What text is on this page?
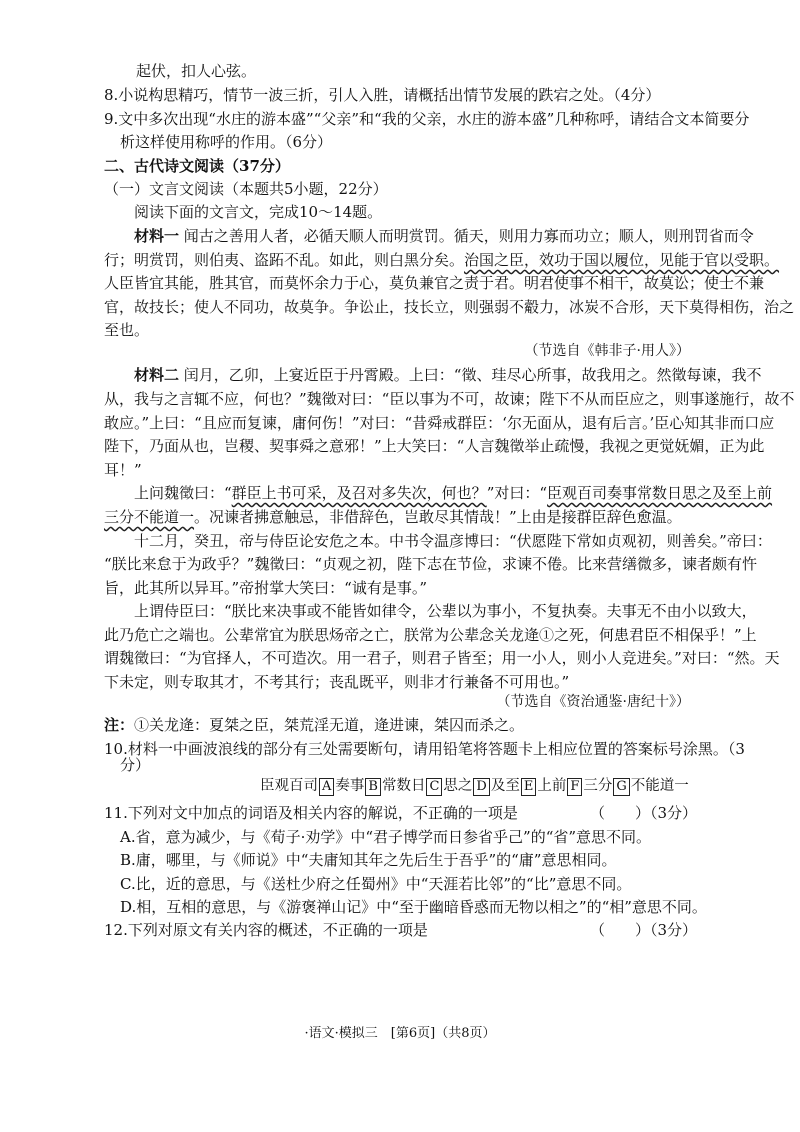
起伏，扣人心弦。
8.小说构思精巧，情节一波三折，引人入胜，请概括出情节发展的跌宕之处。（4分）
9.文中多次出现“水庄的游本盛”“父亲”和“我的父亲，水庄的游本盛”几种称呼，请结合文本简要分
析这样使用称呼的作用。（6分）
二、古代诗文阅读（37分）
（一）文言文阅读（本题共5小题，22分）
阅读下面的文言文，完成10～14题。
材料一 闻古之善用人者，必循天顺人而明赏罚。循天，则用力寡而功立；顺人，则刑罚省而令
行；明赏罚，则伯夷、盗跖不乱。如此，则白黑分矣。治国之臣，效功于国以履位，见能于官以受职。
人臣皆宜其能，胜其官，而莫怀余力于心，莫负兼官之责于君。明君使事不相干，故莫讼；使士不兼
官，故技长；使人不同功，故莫争。争讼止，技长立，则强弱不觳力，冰炭不合形，天下莫得相伤，治之
至也。
（节选自《韩非子·用人》）
材料二 闰月，乙卯，上宴近臣于丹霄殿。上曰：“徵、珪尽心所事，故我用之。然徵每谏，我不
从，我与之言辄不应，何也？”魏徵对曰：“臣以事为不可，故谏；陛下不从而臣应之，则事遂施行，故不
敢应。”上曰：“且应而复谏，庸何伤！”对曰：“昔舜戒群臣：‘尔无面从，退有后言。’臣心知其非而口应
陛下，乃面从也，岂稷、契事舜之意邪！”上大笑曰：“人言魏徵举止疏慢，我视之更觉妩媚，正为此
耳！”
上问魏徵曰：“群臣上书可采，及召对多失次，何也？”对曰：“臣观百司奏事常数日思之及至上前
三分不能道一。况谏者拂意触忌，非借辞色，岂敢尽其情哉！”上由是接群臣辞色愈温。
十二月，癸丑，帝与侍臣论安危之本。中书令温彦博曰：“伏愿陛下常如贞观初，则善矣。”帝曰：
“朕比来怠于为政乎？”魏徵曰：“贞观之初，陛下志在节俭，求谏不倦。比来营缮微多，谏者颇有忤
旨，此其所以异耳。”帝拊掌大笑曰：“诚有是事。”
上谓侍臣曰：“朕比来决事或不能皆如律令，公辈以为事小，不复执奏。夫事无不由小以致大，
此乃危亡之端也。公辈常宜为朕思炀帝之亡，朕常为公辈念关龙逄①之死，何患君臣不相保乎！”上
谓魏徵曰：“为官择人，不可造次。用一君子，则君子皆至；用一小人，则小人竞进矣。”对曰：“然。天
下未定，则专取其才，不考其行；丧乱既平，则非才行兼备不可用也。”
（节选自《资治通鉴·唐纪十》）
注：①关龙逄：夏桀之臣，桀荒淫无道，逄进谏，桀囚而杀之。
10.材料一中画波浪线的部分有三处需要断句，请用铅笔将答题卡上相应位置的答案标号涂黑。（3
分）
臣观百司 A 奏事 B 常数日 C 思之 D 及至 E 上前 F 三分 G 不能道一
11.下列对文中加点的词语及相关内容的解说，不正确的一项是	（　　）（3分）
A.省，意为减少，与《荀子·劝学》中“君子博学而日参省乎己”的“省”意思不同。
B.庸，哪里，与《师说》中“夫庸知其年之先后生于吾乎”的“庸”意思相同。
C.比，近的意思，与《送杜少府之任蜀州》中“天涯若比邻”的“比”意思不同。
D.相，互相的意思，与《游褒禅山记》中“至于幽暗昏惑而无物以相之”的“相”意思不同。
12.下列对原文有关内容的概述，不正确的一项是	（　　）（3分）
·语文·模拟三　[第6页]（共8页）
